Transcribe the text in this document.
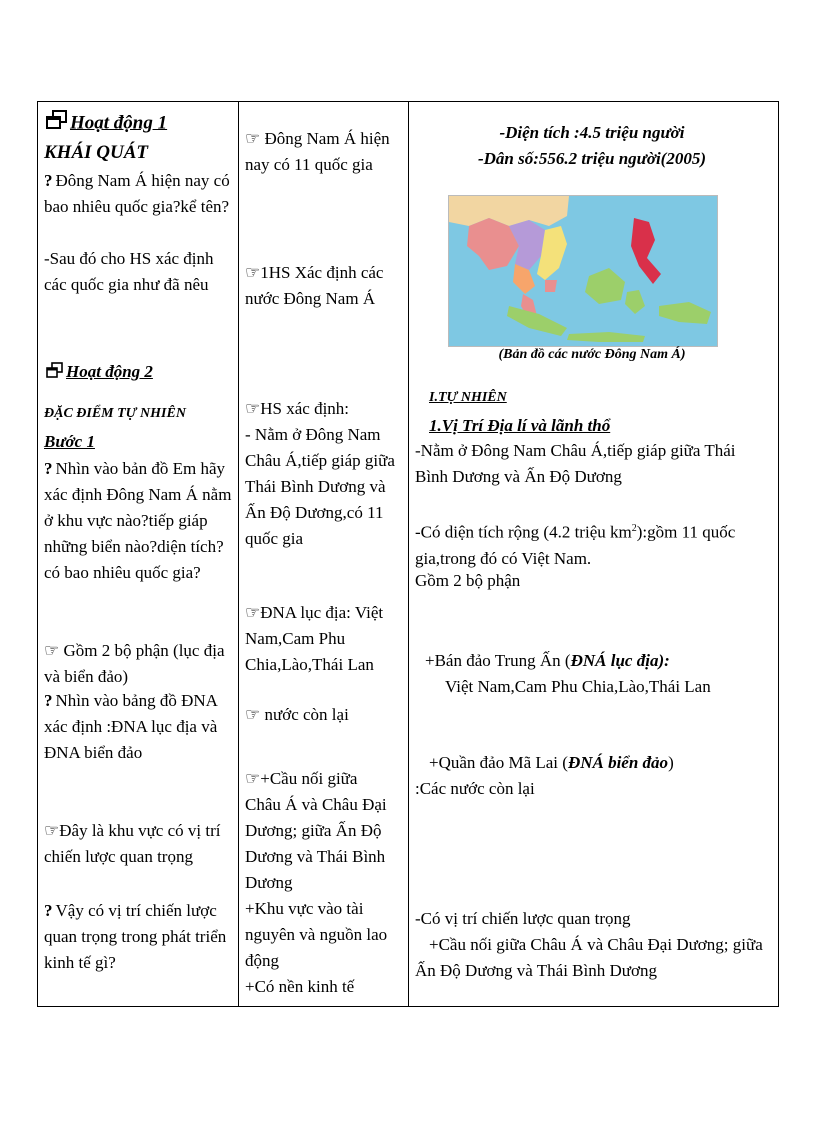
Hoạt động 1

KHÁI QUÁT

? Đông Nam Á hiện nay có bao nhiêu quốc gia?kể tên?

-Sau đó cho HS xác định các quốc gia như đã nêu

Hoạt động 2

ĐẶC ĐIỂM TỰ NHIÊN

Bước 1

? Nhìn vào bản đồ Em hãy xác định Đông Nam Á nằm ở khu vực nào?tiếp giáp những biển nào?diện tích?có bao nhiêu quốc gia?

☞ Gồm 2 bộ phận (lục địa và biển đảo)

? Nhìn vào bảng đồ ĐNA xác định :ĐNA lục địa và ĐNA biển đảo

☞Đây là khu vực có vị trí chiến lược quan trọng

? Vậy có vị trí chiến lược quan trọng trong phát triển kinh tế gì?

☞ Đông Nam Á hiện nay có 11 quốc gia

☞1HS Xác định các nước Đông Nam Á

☞HS xác định:

- Nằm ở Đông Nam Châu Á,tiếp giáp giữa Thái Bình Dương và Ấn Độ Dương,có 11 quốc gia

☞ĐNA lục địa: Việt Nam,Cam Phu Chia,Lào,Thái Lan

☞ nước còn lại

☞+Cầu nối giữa Châu Á và Châu Đại Dương; giữa Ấn Độ Dương và Thái Bình Dương

+Khu vực vào tài nguyên và nguồn lao động

+Có nền kinh tế

-Diện tích :4.5 triệu người

-Dân số:556.2 triệu người(2005)

(Bản đồ các nước Đông Nam Á)

I.TỰ NHIÊN

1.Vị Trí Địa lí và lãnh thổ

-Nằm ở Đông Nam Châu Á,tiếp giáp giữa Thái Bình Dương và Ấn Độ Dương

-Có diện tích rộng (4.2 triệu $km^2):gồm$ 11 quốc gia,trong đó có Việt Nam.

Gồm 2 bộ phận

+Bán đảo Trung Ấn (ĐNÁ lục địa):

Việt Nam,Cam Phu Chia,Lào,Thái Lan

+Quần đảo Mã Lai (ĐNÁ biển đảo)

:Các nước còn lại

-Có vị trí chiến lược quan trọng

+Cầu nối giữa Châu Á và Châu Đại Dương; giữa Ấn Độ Dương và Thái Bình Dương
